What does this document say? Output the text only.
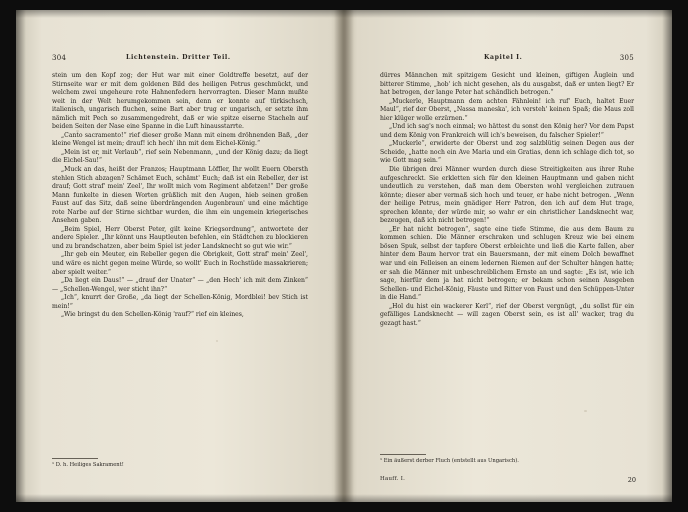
304	Lichtenstein. Dritter Teil.

stein um den Kopf zog; der Hut war mit einer Goldtreffe besetzt, auf der Stirnseite war er mit dem goldenen Bild des heiligen Petrus geschmückt, und welchem zwei ungeheure rote Hahnenfedern hervorragten. Dieser Mann mußte weit in der Welt herumgekommen sein, denn er konnte auf türkischsch, italienisch, ungarisch fluchen, seine Bart aber trug er ungarisch, er setzte ihm nämlich mit Pech so zusammengedreht, daß er wie spitze eiserne Stacheln auf beiden Seiten der Nase eine Spanne in die Luft hinausstarrte.

„Canto sacramento!“ rief dieser große Mann mit einem dröhnenden Baß, „der kleine Wengel ist mein; drauf! ich hech' ihn mit dem Eichel-König.“

„Mein ist er, mit Verlaub“, rief sein Nebenmann, „und der König dazu; da liegt die Eichel-Sau!“

„Muck an das, heißt der Franzos; Hauptmann Löffler, Ihr wollt Euern Obersth stehlen Stich abzagen? Schämet Euch, schämt' Euch; daß ist ein Rebeller, der ist drauf; Gott straf' mein' Zeel', Ihr wollt mich vom Regiment abfetzen!“ Der große Mann funkelte in diesen Worten grüßlich mit den Augen, hieb seinen großen Faust auf das Sitz, daß seine überdrängenden Augenbraun' und eine mächtige rote Narbe auf der Stirne sichtbar wurden, die ihm ein ungemein kriegerisches Ansehen gaben.

„Beim Spiel, Herr Oberst Peter, gilt keine Kriegsordnung“, antwortete der andere Spieler. „Ihr könnt uns Hauptleuten befehlen, ein Städtchen zu blockieren und zu brandschatzen, aber beim Spiel ist jeder Landsknecht so gut wie wir.“

„Ihr geb ein Meuter, ein Rebeller gegen die Obrigkeit, Gott straf' mein' Zeel', und wäre es nicht gegen meine Würde, so wollt' Euch in Rochstüde massakrieren; aber spielt weiter.“

„Da liegt ein Daus!“ — „drauf der Unater“ — „den Hech' ich mit dem Zinken“ — „Schellen-Wengel, wer sticht ihn?“

„Ich“, knurrt der Große, „da liegt der Schellen-König, Mordblei! bev Stich ist mein!“

„Wie bringst du den Schellen-König 'rauf?“ rief ein kleines,

¹ D. h. Heiliges Sakrament!
Kapitel I.	305

dürres Männchen mit spitzigem Gesicht und kleinen, giftigen Äuglein und bitterer Stimme, „hob' ich nicht gesehen, als du ausgabst, daß er unten liegt? Er hat betrogen, der lange Peter hat schändlich betrogen.“

„Muckerle, Hauptmann dem achten Fähnlein! ich ruf' Euch, haltet Euer Maul“, rief der Oberst, „Nassa maneska', ich versteh' keinen Spaß; die Maus zoll hier klüger wolle erzürnen.“

„Und ich sag's noch einmal; wo hättest du sonst den König her? Vor dem Papst und dem König von Frankreich will ich's beweisen, du falscher Spieler!“

„Muckerle“, erwiderte der Oberst und zog salzblütig seinen Degen aus der Scheide, „hatte noch ein Ave Maria und ein Gratias, denn ich schlage dich tot, so wie Gott mag sein.“

Die übrigen drei Männer wurden durch diese Streitigkeiten aus ihrer Ruhe aufgeschreckt. Sie erkletten sich für den kleinen Hauptmann und gaben nicht undeutlich zu verstehen, daß man dem Obersten wohl vergleichen zutrauen könnte; dieser aber vermaß sich hoch und teuer, er habe nicht betrogen. „Wenn der heilige Petrus, mein gnädiger Herr Patron, den ich auf dem Hut trage, sprechen könnte, der würde mir, so wahr er ein christlicher Landsknecht war, bezeugen, daß ich nicht betrogen!“

„Er hat nicht betrogen“, sagte eine tiefe Stimme, die aus dem Baum zu kommen schien. Die Männer erschraken und schlugen Kreuz wie bei einem bösen Spuk, selbst der tapfere Oberst erbleichte und ließ die Karte fallen, aber hinter dem Baum hervor trat ein Bauersmann, der mit einem Dolch bewaffnet war und ein Felleisen an einem ledernen Riemen auf der Schulter hängen hatte; er sah die Männer mit unbeschreiblichem Ernste an und sagte: „Es ist, wie ich sage, hierfür dem ja hat nicht betrogen; er bekam schon seinen Ausgeben Schellen- und Eichel-König, Fäuste und Ritter von Faust und den Schüppen-Unter in die Hand.“

„Hol du hist ein wackerer Kerl“, rief der Oberst vergnügt, „du sollst für ein gefälliges Landsknecht — will zagen Oberst sein, es ist all' wacker, trag du gezagt hast.“

¹ Ein äußerst derber Fluch (entstellt aus Ungarisch).
Hauff. I.	20
